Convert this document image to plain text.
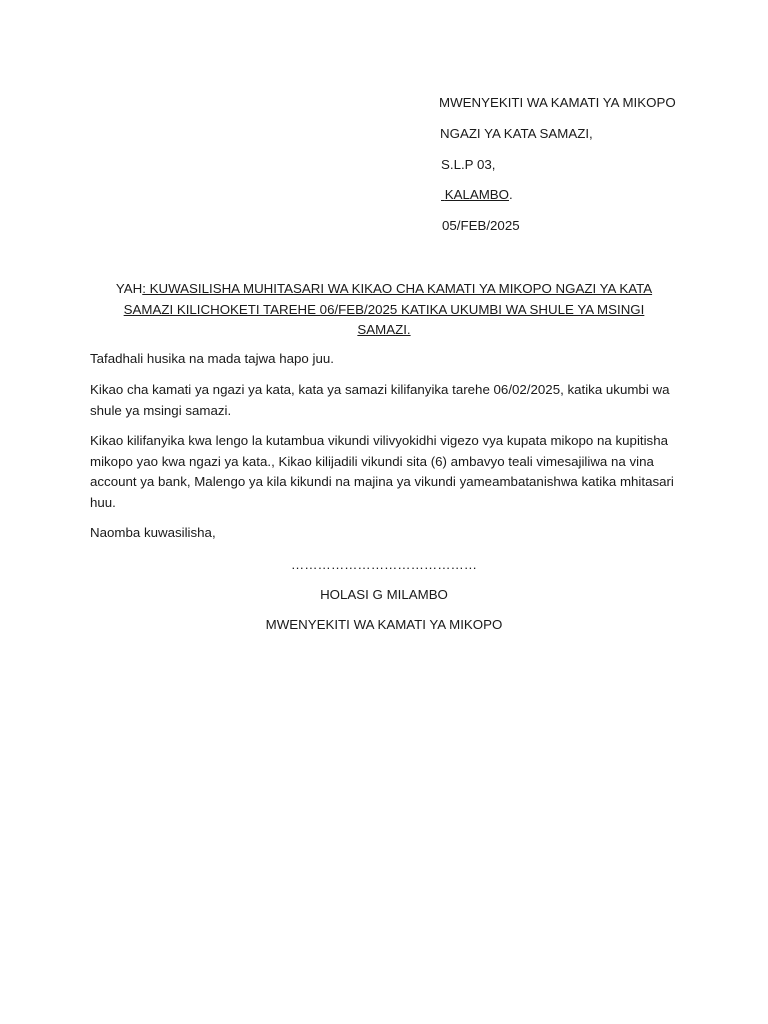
MWENYEKITI WA KAMATI YA MIKOPO
NGAZI YA KATA SAMAZI,
S.L.P 03,
KALAMBO.
05/FEB/2025
YAH: KUWASILISHA MUHITASARI WA KIKAO CHA KAMATI YA MIKOPO NGAZI YA KATA SAMAZI KILICHOKETI TAREHE 06/FEB/2025 KATIKA UKUMBI WA SHULE YA MSINGI SAMAZI.
Tafadhali husika na mada tajwa hapo juu.
Kikao cha kamati ya ngazi ya kata, kata ya samazi kilifanyika tarehe 06/02/2025, katika ukumbi wa shule ya msingi samazi.
Kikao kilifanyika kwa lengo la kutambua vikundi vilivyokidhi vigezo vya kupata mikopo na kupitisha mikopo yao kwa ngazi ya kata., Kikao kilijadili vikundi sita (6) ambavyo teali vimesajiliwa na vina account ya bank, Malengo ya kila kikundi na majina ya vikundi yameambatanishwa katika mhitasari huu.
Naomba kuwasilisha,
……………………………………
HOLASI G MILAMBO
MWENYEKITI WA KAMATI YA MIKOPO
